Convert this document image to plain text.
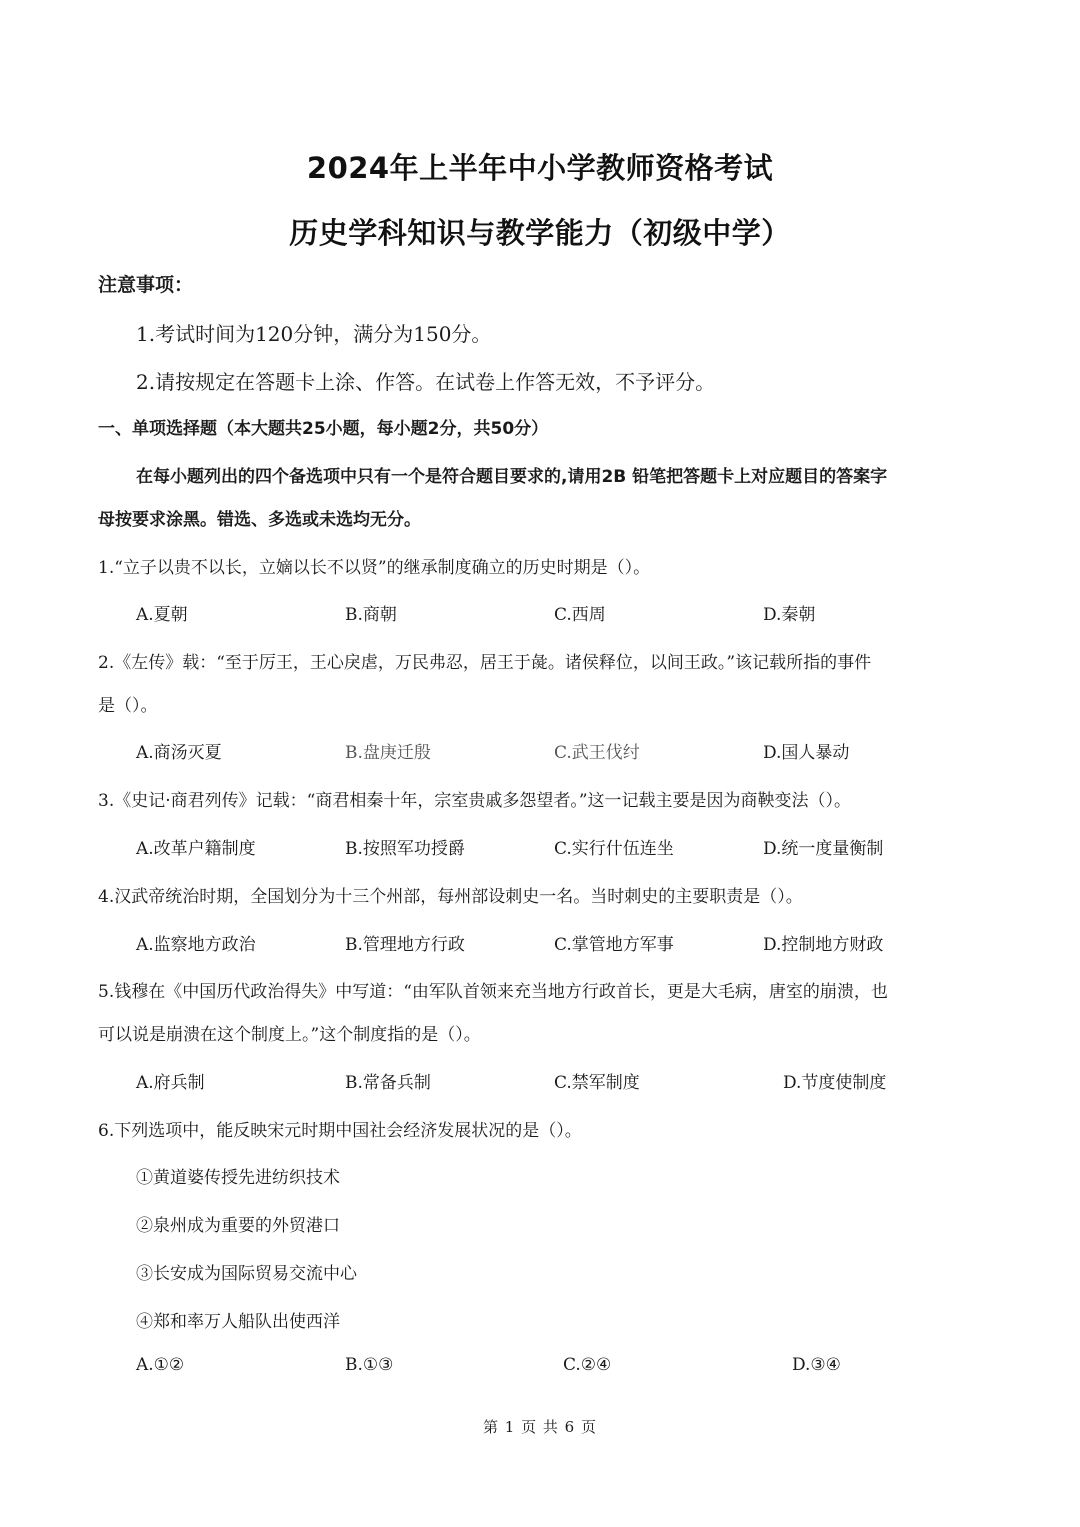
2024年上半年中小学教师资格考试
历史学科知识与教学能力（初级中学）
注意事项：
1.考试时间为120分钟，满分为150分。
2.请按规定在答题卡上涂、作答。在试卷上作答无效，不予评分。
一、单项选择题（本大题共25小题，每小题2分，共50分）
在每小题列出的四个备选项中只有一个是符合题目要求的,请用2B 铅笔把答题卡上对应题目的答案字
母按要求涂黑。错选、多选或未选均无分。
1.“立子以贵不以长，立嫡以长不以贤”的继承制度确立的历史时期是（）。
A.夏朝	B.商朝	C.西周	D.秦朝
2.《左传》载：“至于厉王，王心戾虐，万民弗忍，居王于彘。诸侯释位，以间王政。”该记载所指的事件
是（）。
A.商汤灭夏	B.盘庚迁殷	C.武王伐纣	D.国人暴动
3.《史记·商君列传》记载：“商君相秦十年，宗室贵戚多怨望者。”这一记载主要是因为商鞅变法（）。
A.改革户籍制度	B.按照军功授爵	C.实行什伍连坐	D.统一度量衡制
4.汉武帝统治时期，全国划分为十三个州部，每州部设刺史一名。当时刺史的主要职责是（）。
A.监察地方政治	B.管理地方行政	C.掌管地方军事	D.控制地方财政
5.钱穆在《中国历代政治得失》中写道：“由军队首领来充当地方行政首长，更是大毛病，唐室的崩溃，也
可以说是崩溃在这个制度上。”这个制度指的是（）。
A.府兵制	B.常备兵制	C.禁军制度	D.节度使制度
6.下列选项中，能反映宋元时期中国社会经济发展状况的是（）。
①黄道婆传授先进纺织技术
②泉州成为重要的外贸港口
③长安成为国际贸易交流中心
④郑和率万人船队出使西洋
A.①②	B.①③	C.②④	D.③④
第 1 页 共 6 页
